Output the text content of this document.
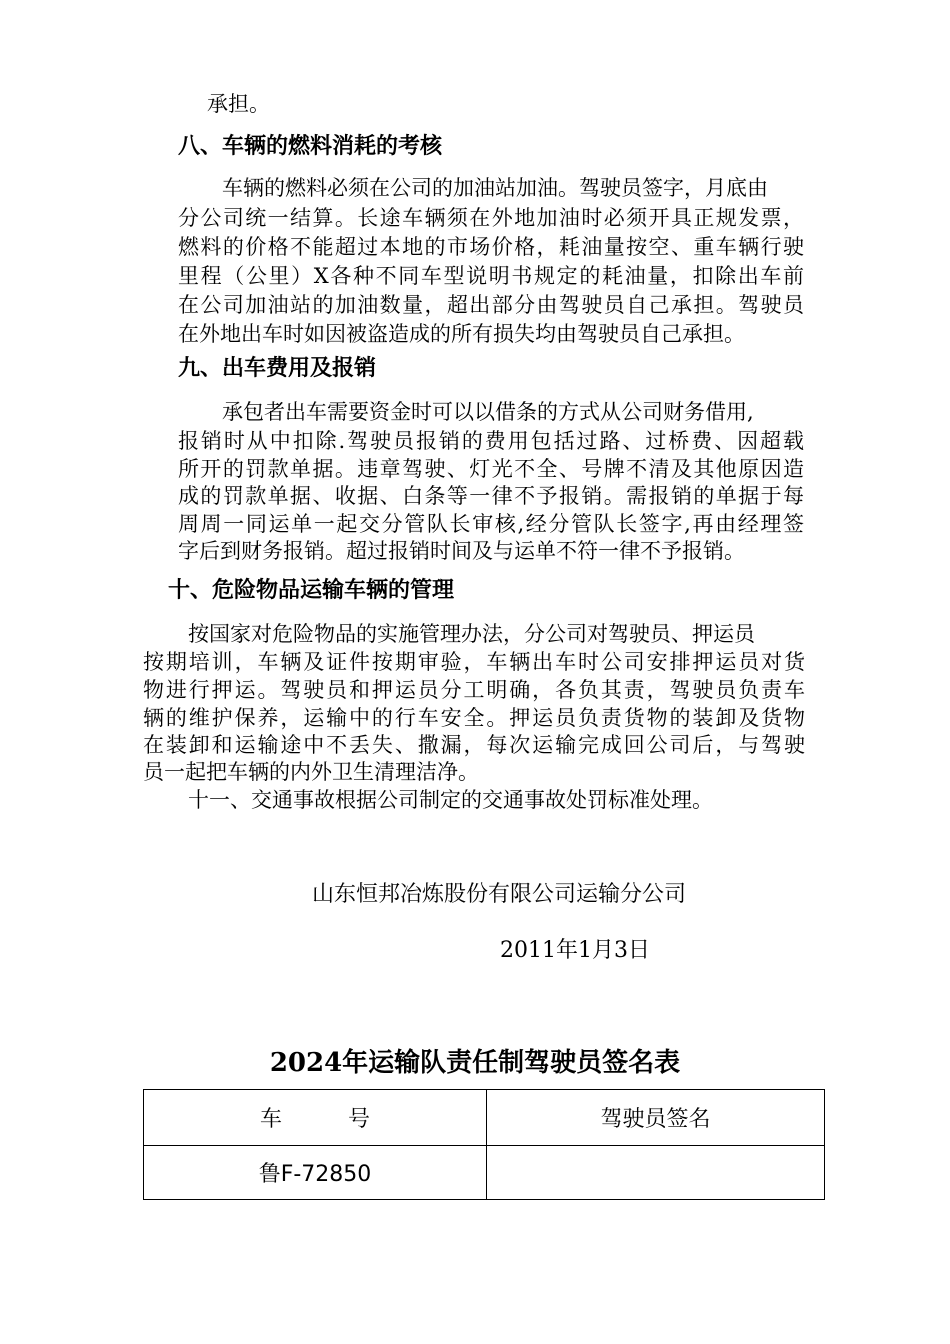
承担。
八、车辆的燃料消耗的考核
车辆的燃料必须在公司的加油站加油。驾驶员签字，月底由
分公司统一结算。长途车辆须在外地加油时必须开具正规发票，
燃料的价格不能超过本地的市场价格，耗油量按空、重车辆行驶
里程（公里）X各种不同车型说明书规定的耗油量，扣除出车前
在公司加油站的加油数量，超出部分由驾驶员自己承担。驾驶员
在外地出车时如因被盗造成的所有损失均由驾驶员自己承担。
九、出车费用及报销
承包者出车需要资金时可以以借条的方式从公司财务借用,
报销时从中扣除.驾驶员报销的费用包括过路、过桥费、因超载
所开的罚款单据。违章驾驶、灯光不全、号牌不清及其他原因造
成的罚款单据、收据、白条等一律不予报销。需报销的单据于每
周周一同运单一起交分管队长审核,经分管队长签字,再由经理签
字后到财务报销。超过报销时间及与运单不符一律不予报销。
十、危险物品运输车辆的管理
按国家对危险物品的实施管理办法，分公司对驾驶员、押运员
按期培训，车辆及证件按期审验，车辆出车时公司安排押运员对货
物进行押运。驾驶员和押运员分工明确，各负其责，驾驶员负责车
辆的维护保养，运输中的行车安全。押运员负责货物的装卸及货物
在装卸和运输途中不丢失、撒漏，每次运输完成回公司后，与驾驶
员一起把车辆的内外卫生清理洁净。
十一、交通事故根据公司制定的交通事故处罚标准处理。
山东恒邦冶炼股份有限公司运输分公司
2011年1月3日
2024年运输队责任制驾驶员签名表
车　　　号	驾驶员签名
鲁F-72850	
